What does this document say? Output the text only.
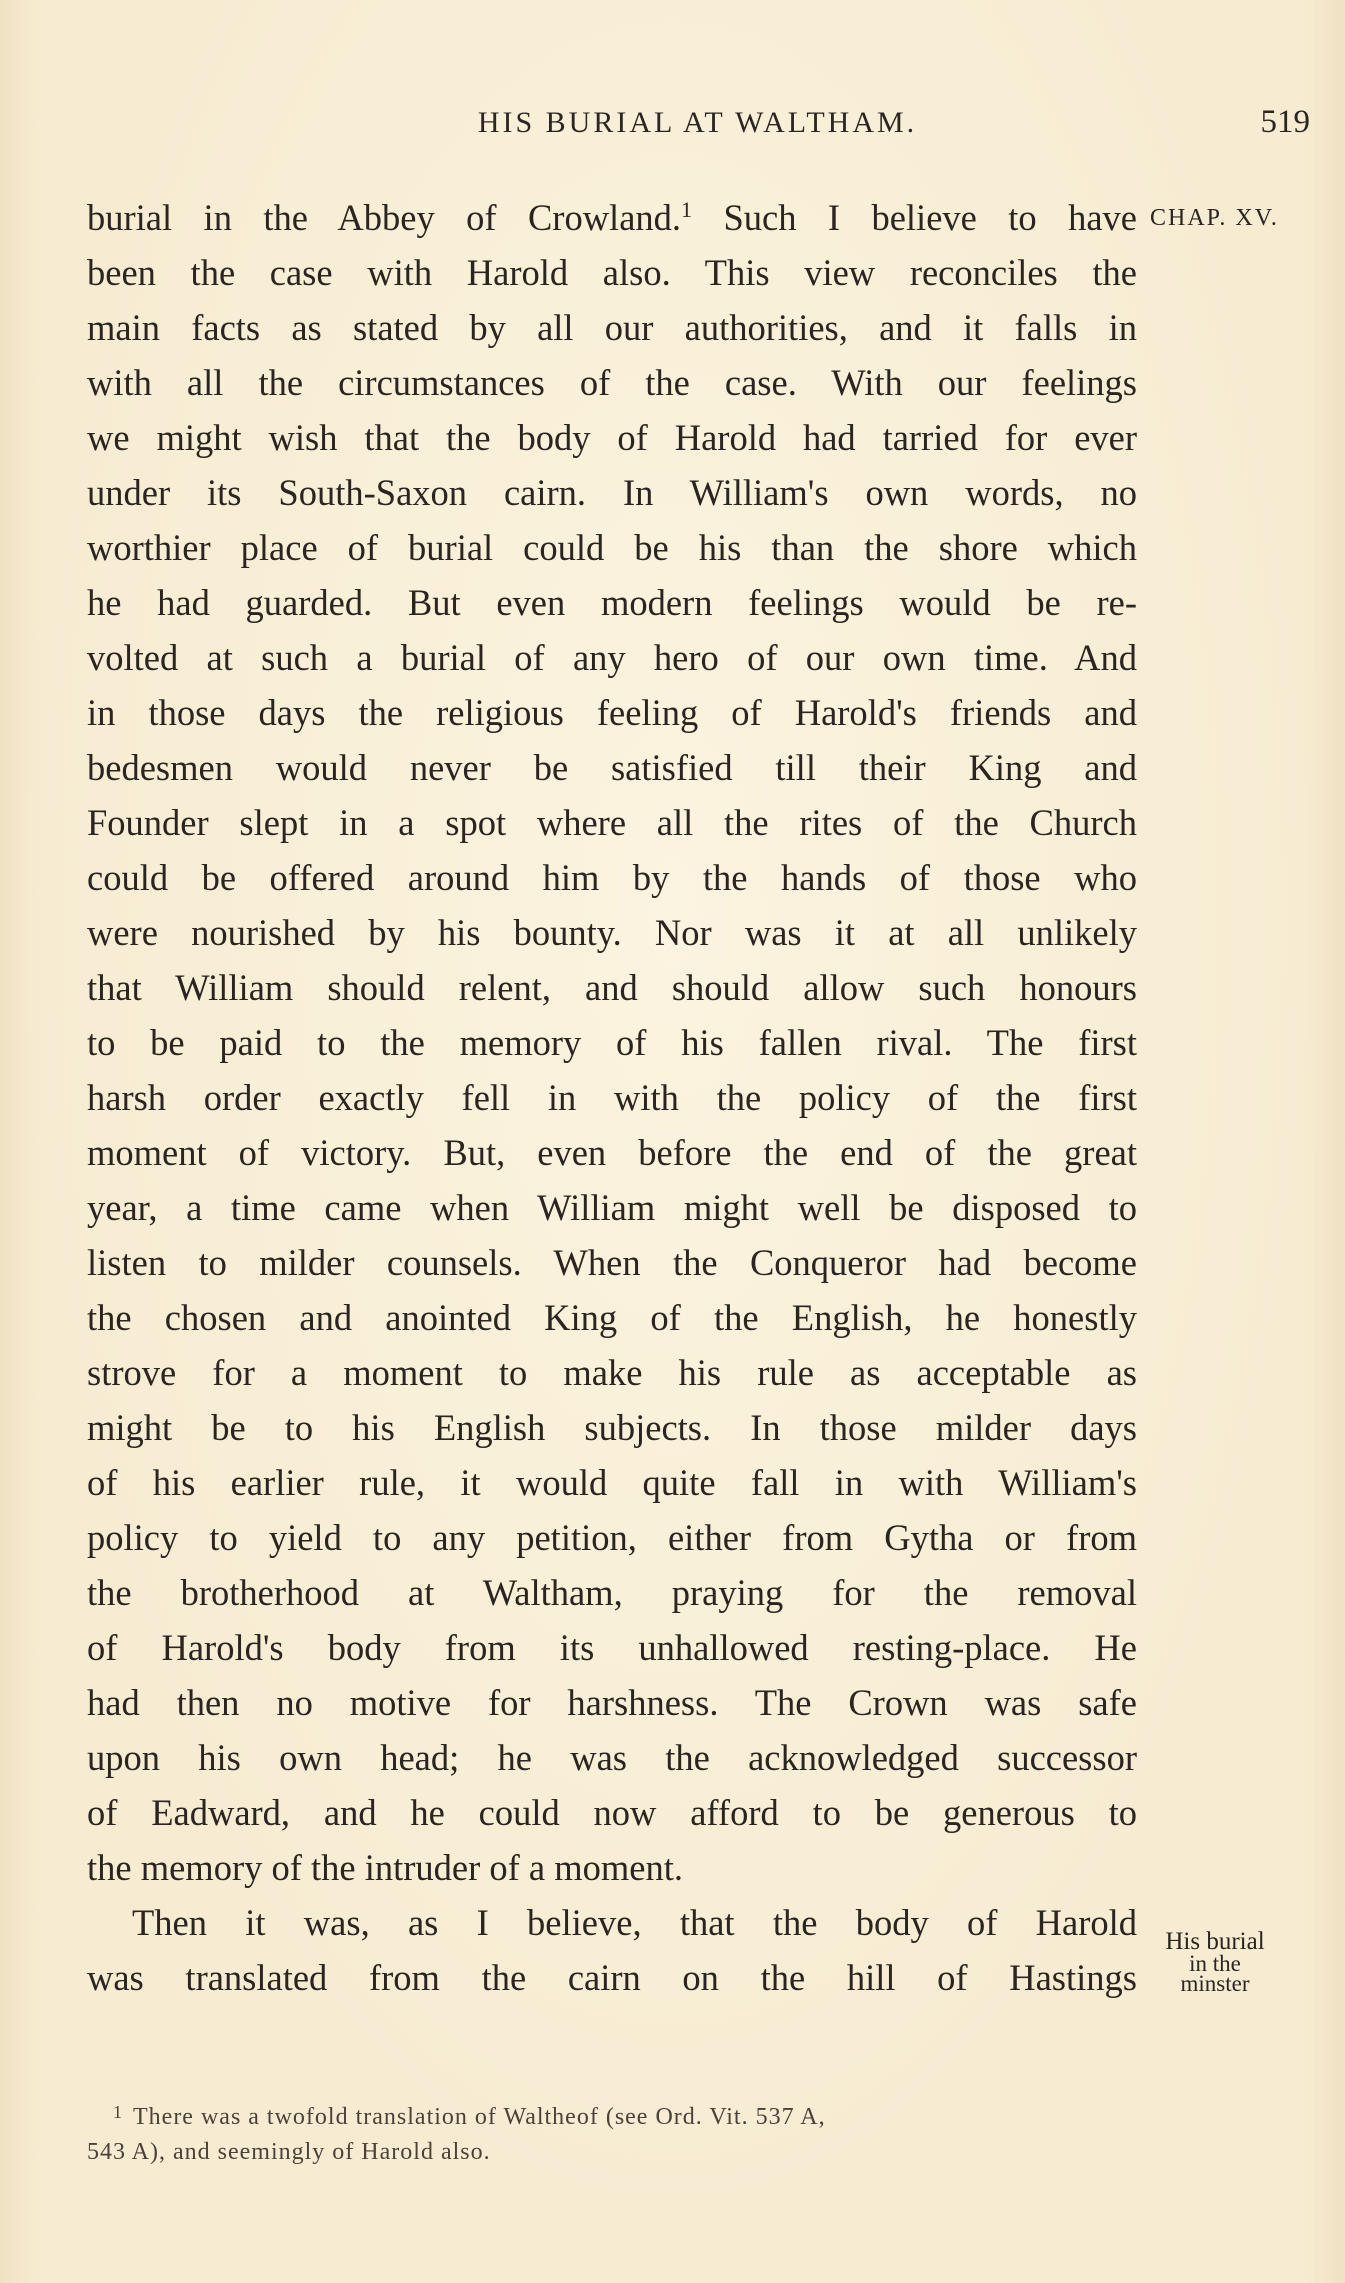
HIS BURIAL AT WALTHAM.	519
CHAP. XV.
His burial
in the
minster
burial in the Abbey of Crowland.$^1$ Such I believe to have
been the case with Harold also. This view reconciles the
main facts as stated by all our authorities, and it falls in
with all the circumstances of the case. With our feelings
we might wish that the body of Harold had tarried for ever
under its South-Saxon cairn. In William's own words, no
worthier place of burial could be his than the shore which
he had guarded. But even modern feelings would be re-
volted at such a burial of any hero of our own time. And
in those days the religious feeling of Harold's friends and
bedesmen would never be satisfied till their King and
Founder slept in a spot where all the rites of the Church
could be offered around him by the hands of those who
were nourished by his bounty. Nor was it at all unlikely
that William should relent, and should allow such honours
to be paid to the memory of his fallen rival. The first
harsh order exactly fell in with the policy of the first
moment of victory. But, even before the end of the great
year, a time came when William might well be disposed to
listen to milder counsels. When the Conqueror had become
the chosen and anointed King of the English, he honestly
strove for a moment to make his rule as acceptable as
might be to his English subjects. In those milder days
of his earlier rule, it would quite fall in with William's
policy to yield to any petition, either from Gytha or from
the brotherhood at Waltham, praying for the removal
of Harold's body from its unhallowed resting-place. He
had then no motive for harshness. The Crown was safe
upon his own head; he was the acknowledged successor
of Eadward, and he could now afford to be generous to
the memory of the intruder of a moment.
Then it was, as I believe, that the body of Harold
was translated from the cairn on the hill of Hastings
1 There was a twofold translation of Waltheof (see Ord. Vit. 537 A,
543 A), and seemingly of Harold also.
